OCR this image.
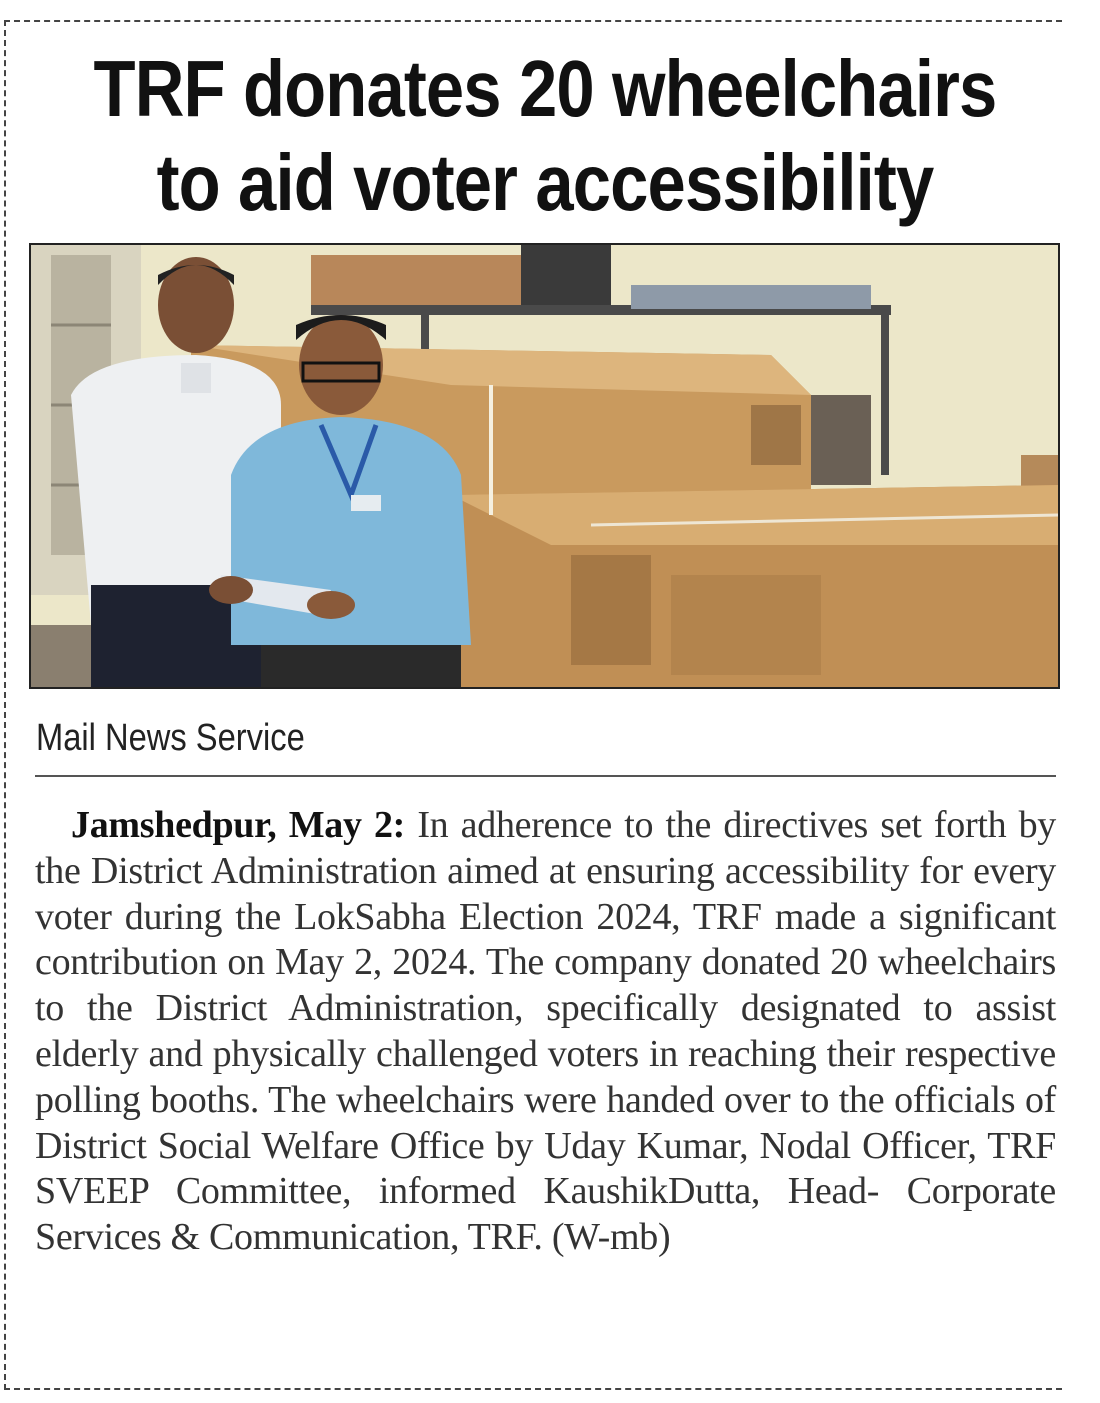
TRF donates 20 wheelchairs
to aid voter accessibility
Mail News Service

Jamshedpur, May 2: In adherence to the directives set forth by the District Administration aimed at ensuring accessibility for every voter during the LokSabha Election 2024, TRF made a significant contribution on May 2, 2024. The company donated 20 wheelchairs to the District Administration, specifically designated to assist elderly and physically challenged voters in reaching their respective polling booths. The wheelchairs were handed over to the officials of District Social Welfare Office by Uday Kumar, Nodal Officer, TRF SVEEP Committee, informed KaushikDutta, Head- Corporate Services & Communication, TRF. (W-mb)
